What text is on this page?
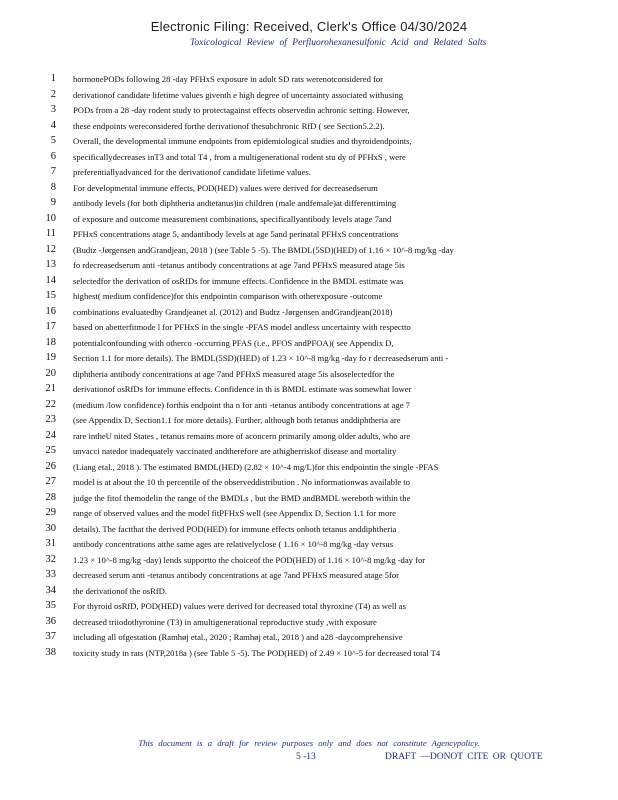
Electronic Filing: Received, Clerk's Office 04/30/2024
Toxicological Review of Perfluorohexanesulfonic Acid and Related Salts
1 hormonePODs following 28 -day PFHxS exposure in adult SD rats werenotconsidered for
2 derivationof candidate lifetime values giventh e high degree of uncertainty associated withusing
3 PODs from a 28 -day rodent study to protectagainst effects observedin achronic setting. However,
4 these endpoints wereconsidered forthe derivationof thesubchronic RfD ( see Section5.2.2).
5 Overall, the developmental immune endpoints from epidemiological studies and thyroidendpoints,
6 specificallydecreases inT3 and total T4 , from a multigenerational rodent stu dy of PFHxS , were
7 preferentiallyadvanced for the derivationof candidate lifetime values.
8 For developmental immune effects, POD(HED) values were derived for decreasedserum
9 antibody levels (for both diphtheria andtetanus)in children (male andfemale)at differenttiming
10 of exposure and outcome measurement combinations, specificallyantibody levels atage 7and
11 PFHxS concentrations atage 5, andantibody levels at age 5and perinatal PFHxS concentrations
12 (Budtz -Jørgensen andGrandjean, 2018 ) (see Table 5 -5). The BMDL(5SD)(HED) of 1.16 × 10^-8 mg/kg -day
13 fo rdecreasedserum anti -tetanus antibody concentrations at age 7and PFHxS measured atage 5is
14 selectedfor the derivation of osRfDs for immune effects. Confidence in the BMDL estimate was
15 highest( medium confidence)for this endpointin comparison with otherexposure -outcome
16 combinations evaluatedby Grandjeanet al. (2012) and Budtz -Jørgensen andGrandjean(2018)
17 based on abetterfitmode l for PFHxS in the single -PFAS model andless uncertainty with respectto
18 potentialconfounding with otherco -occurring PFAS (i.e., PFOS andPFOA)( see Appendix D,
19 Section 1.1 for more details). The BMDL(5SD)(HED) of 1.23 × 10^-8 mg/kg -day fo r decreasedserum anti -
20 diphtheria antibody concentrations at age 7and PFHxS measured atage 5is alsoselectedfor the
21 derivationof osRfDs for immune effects. Confidence in th is BMDL estimate was somewhat lower
22 (medium /low confidence) forthis endpoint tha n for anti -tetanus antibody concentrations at age 7
23 (see Appendix D, Section1.1 for more details). Further, although both tetanus anddiphtheria are
24 rare intheU nited States , tetanus remains more of aconcern primarily among older adults, who are
25 unvacci natedor inadequately vaccinated andtherefore are athigherriskof disease and mortality
26 (Liang etal., 2018 ). The estimated BMDL(HED) (2.82 × 10^-4 mg/L)for this endpointin the single -PFAS
27 model is at about the 10 th percentile of the observeddistribution . No informationwas available to
28 judge the fitof themodelin the range of the BMDLs , but the BMD andBMDL wereboth within the
29 range of observed values and the model fitPFHxS well (see Appendix D, Section 1.1 for more
30 details). The factthat the derived POD(HED) for immune effects onboth tetanus anddiphtheria
31 antibody concentrations atthe same ages are relativelyclose ( 1.16 × 10^-8 mg/kg -day versus
32 1.23 × 10^-8 mg/kg -day) lends supportto the choiceof the POD(HED) of 1.16 × 10^-8 mg/kg -day for
33 decreased serum anti -tetanus antibody concentrations at age 7and PFHxS measured atage 5for
34 the derivationof the osRfD.
35 For thyroid osRfD, POD(HED) values were derived for decreased total thyroxine (T4) as well as
36 decreased triiodothyronine (T3) in amultigenerational reproductive study ,with exposure
37 including all ofgestation (Ramhøj etal., 2020 ; Ramhøj etal., 2018 ) and a28 -daycomprehensive
38 toxicity study in rats (NTP,2018a ) (see Table 5 -5). The POD(HED) of 2.49 × 10^-5 for decreased total T4
This document is a draft for review purposes only and does not constitute Agencypolicy.
5 -13	DRAFT —DONOT CITE OR QUOTE
